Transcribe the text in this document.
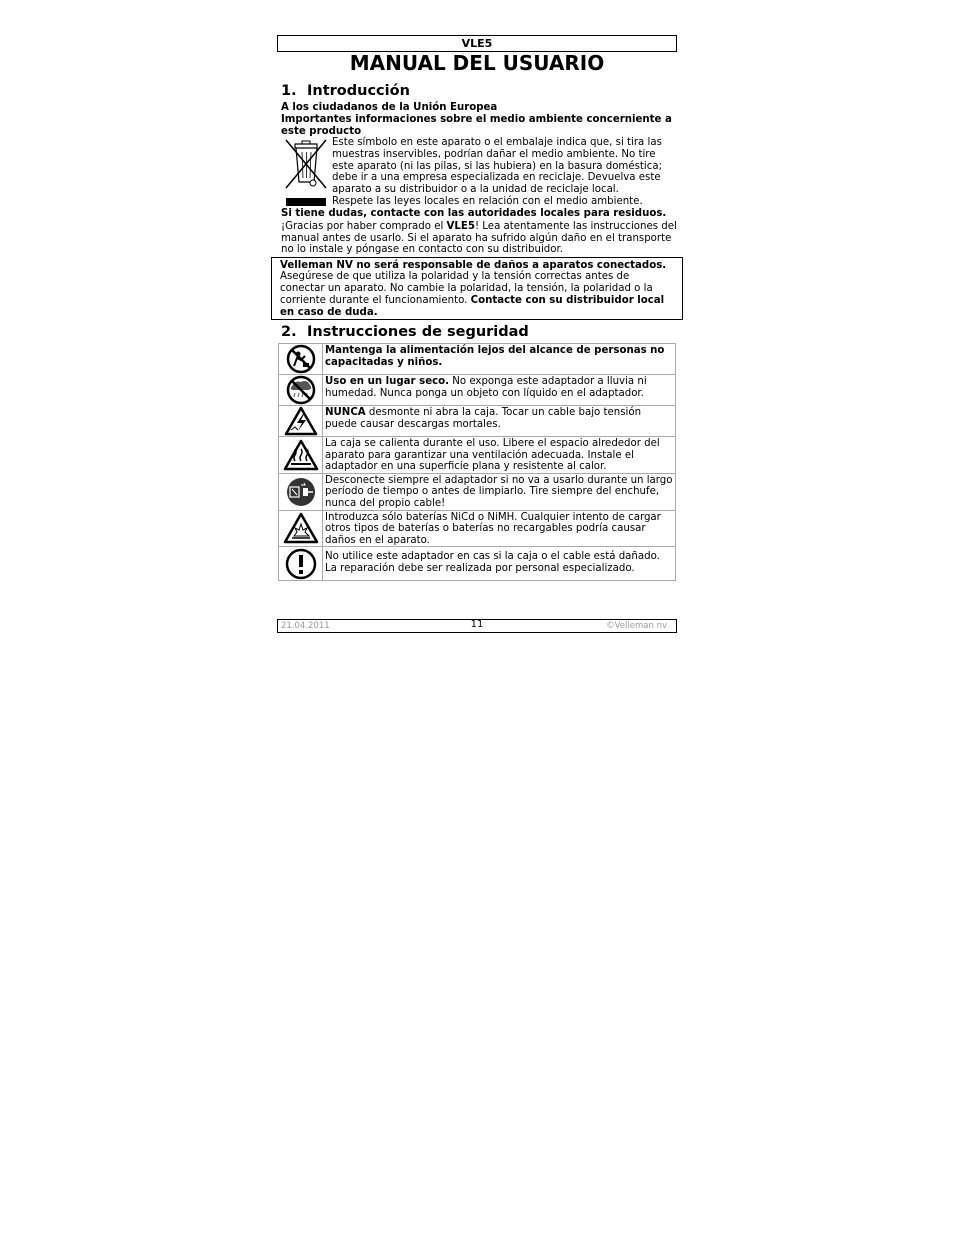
VLE5
MANUAL DEL USUARIO
1. Introducción
A los ciudadanos de la Unión Europea
Importantes informaciones sobre el medio ambiente concerniente a
este producto
Este símbolo en este aparato o el embalaje indica que, si tira las
muestras inservibles, podrían dañar el medio ambiente. No tire
este aparato (ni las pilas, si las hubiera) en la basura doméstica;
debe ir a una empresa especializada en reciclaje. Devuelva este
aparato a su distribuidor o a la unidad de reciclaje local.
Respete las leyes locales en relación con el medio ambiente.
Si tiene dudas, contacte con las autoridades locales para residuos.
¡Gracias por haber comprado el VLE5! Lea atentamente las instrucciones del
manual antes de usarlo. Si el aparato ha sufrido algún daño en el transporte
no lo instale y póngase en contacto con su distribuidor.
Velleman NV no será responsable de daños a aparatos conectados.
Asegúrese de que utiliza la polaridad y la tensión correctas antes de
conectar un aparato. No cambie la polaridad, la tensión, la polaridad o la
corriente durante el funcionamiento. Contacte con su distribuidor local
en caso de duda.
2. Instrucciones de seguridad
	Mantenga la alimentación lejos del alcance de personas no capacitadas y niños.

	Uso en un lugar seco. No exponga este adaptador a lluvia ni humedad. Nunca ponga un objeto con líquido en el adaptador.

	NUNCA desmonte ni abra la caja. Tocar un cable bajo tensión puede causar descargas mortales.

	La caja se calienta durante el uso. Libere el espacio alrededor del aparato para garantizar una ventilación adecuada. Instale el adaptador en una superficie plana y resistente al calor.

	Desconecte siempre el adaptador si no va a usarlo durante un largo período de tiempo o antes de limpiarlo. Tire siempre del enchufe, nunca del propio cable!

	Introduzca sólo baterías NiCd o NiMH. Cualquier intento de cargar otros tipos de baterías o baterías no recargables podría causar daños en el aparato.

	No utilice este adaptador en cas si la caja o el cable está dañado. La reparación debe ser realizada por personal especializado.
21.04.2011	11	©Velleman nv
